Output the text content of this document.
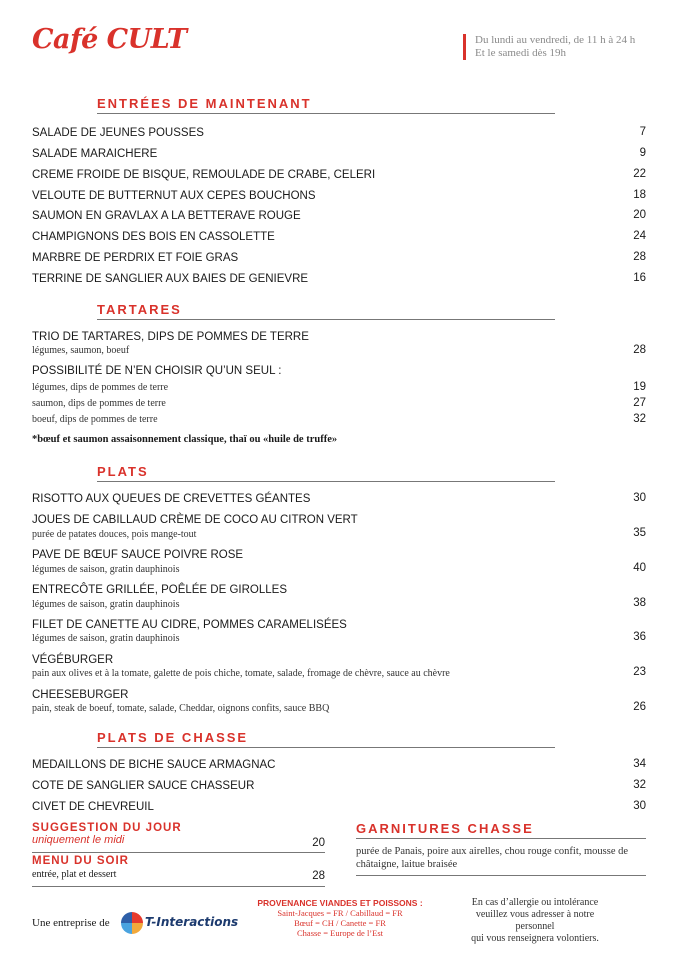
Café CULT	Du lundi au vendredi, de 11 h à 24 h
Et le samedi dès 19h
ENTRÉES DE MAINTENANT
SALADE DE JEUNES POUSSES	7
SALADE MARAICHERE	9
CREME FROIDE DE BISQUE, REMOULADE DE CRABE, CELERI	22
VELOUTE DE BUTTERNUT AUX CEPES BOUCHONS	18
SAUMON EN GRAVLAX A LA BETTERAVE ROUGE	20
CHAMPIGNONS DES BOIS EN CASSOLETTE	24
MARBRE DE PERDRIX ET FOIE GRAS	28
TERRINE DE SANGLIER AUX BAIES DE GENIEVRE	16
TARTARES
TRIO DE TARTARES, DIPS DE POMMES DE TERRE
légumes, saumon, boeuf	28
POSSIBILITÉ DE N’EN CHOISIR QU’UN SEUL :
légumes, dips de pommes de terre	19
saumon, dips de pommes de terre	27
boeuf, dips de pommes de terre	32
*bœuf et saumon assaisonnement classique, thaï ou «huile de truffe»
PLATS
RISOTTO AUX QUEUES DE CREVETTES GÉANTES	30
JOUES DE CABILLAUD CRÈME DE COCO AU CITRON VERT
purée de patates douces, pois mange-tout	35
PAVE DE BŒUF SAUCE POIVRE ROSE
légumes de saison, gratin dauphinois	40
ENTRECÔTE GRILLÉE, POÊLÉE DE GIROLLES
légumes de saison, gratin dauphinois	38
FILET DE CANETTE AU CIDRE, POMMES CARAMELISÉES
légumes de saison, gratin dauphinois	36
VÉGÉBURGER
pain aux olives et à la tomate, galette de pois chiche, tomate, salade, fromage de chèvre, sauce au chèvre	23
CHEESEBURGER
pain, steak de boeuf, tomate, salade, Cheddar, oignons confits, sauce BBQ	26
PLATS DE CHASSE
MEDAILLONS DE BICHE SAUCE ARMAGNAC	34
COTE DE SANGLIER SAUCE CHASSEUR	32
CIVET DE CHEVREUIL	30
SUGGESTION DU JOUR
uniquement le midi	20
MENU DU SOIR
entrée, plat et dessert	28
GARNITURES CHASSE
purée de Panais, poire aux airelles, chou rouge confit, mousse de châtaigne, laitue braisée
Une entreprise de	T-Interactions
PROVENANCE VIANDES ET POISSONS :
Saint-Jacques = FR / Cabillaud = FR
Bœuf = CH / Canette = FR
Chasse = Europe de l’Est
En cas d’allergie ou intolérance
veuillez vous adresser à notre personnel
qui vous renseignera volontiers.
